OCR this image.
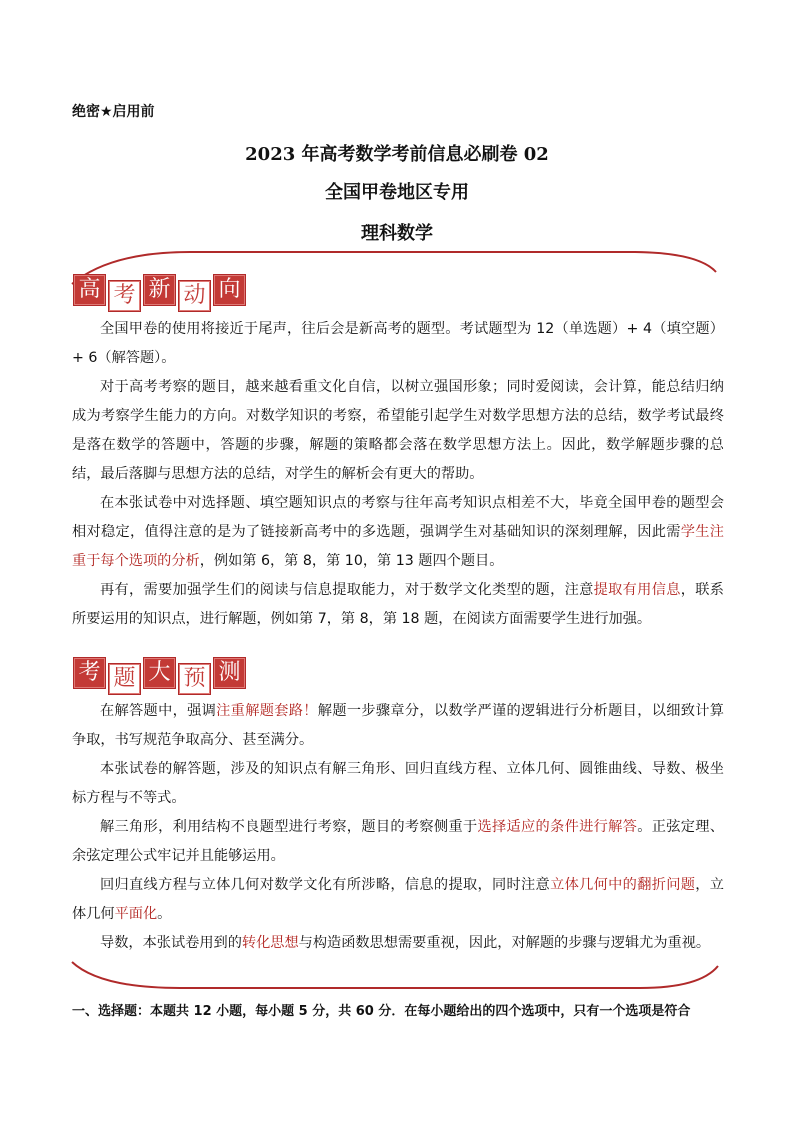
绝密★启用前
2023 年高考数学考前信息必刷卷 02
全国甲卷地区专用
理科数学
高 考 新 动 向

全国甲卷的使用将接近于尾声，往后会是新高考的题型。考试题型为 12（单选题）+ 4（填空题）+ 6（解答题）。

对于高考考察的题目，越来越看重文化自信，以树立强国形象；同时爱阅读，会计算，能总结归纳成为考察学生能力的方向。对数学知识的考察，希望能引起学生对数学思想方法的总结，数学考试最终是落在数学的答题中，答题的步骤，解题的策略都会落在数学思想方法上。因此，数学解题步骤的总结，最后落脚与思想方法的总结，对学生的解析会有更大的帮助。

在本张试卷中对选择题、填空题知识点的考察与往年高考知识点相差不大，毕竟全国甲卷的题型会相对稳定，值得注意的是为了链接新高考中的多选题，强调学生对基础知识的深刻理解，因此需学生注重于每个选项的分析，例如第 6，第 8，第 10，第 13 题四个题目。

再有，需要加强学生们的阅读与信息提取能力，对于数学文化类型的题，注意提取有用信息，联系所要运用的知识点，进行解题，例如第 7，第 8，第 18 题，在阅读方面需要学生进行加强。

考 题 大 预 测

在解答题中，强调注重解题套路！解题一步骤章分，以数学严谨的逻辑进行分析题目，以细致计算争取，书写规范争取高分、甚至满分。

本张试卷的解答题，涉及的知识点有解三角形、回归直线方程、立体几何、圆锥曲线、导数、极坐标方程与不等式。

解三角形，利用结构不良题型进行考察，题目的考察侧重于选择适应的条件进行解答。正弦定理、余弦定理公式牢记并且能够运用。

回归直线方程与立体几何对数学文化有所涉略，信息的提取，同时注意立体几何中的翻折问题，立体几何平面化。

导数，本张试卷用到的转化思想与构造函数思想需要重视，因此，对解题的步骤与逻辑尤为重视。

一、选择题：本题共 12 小题，每小题 5 分，共 60 分．在每小题给出的四个选项中，只有一个选项是符合
